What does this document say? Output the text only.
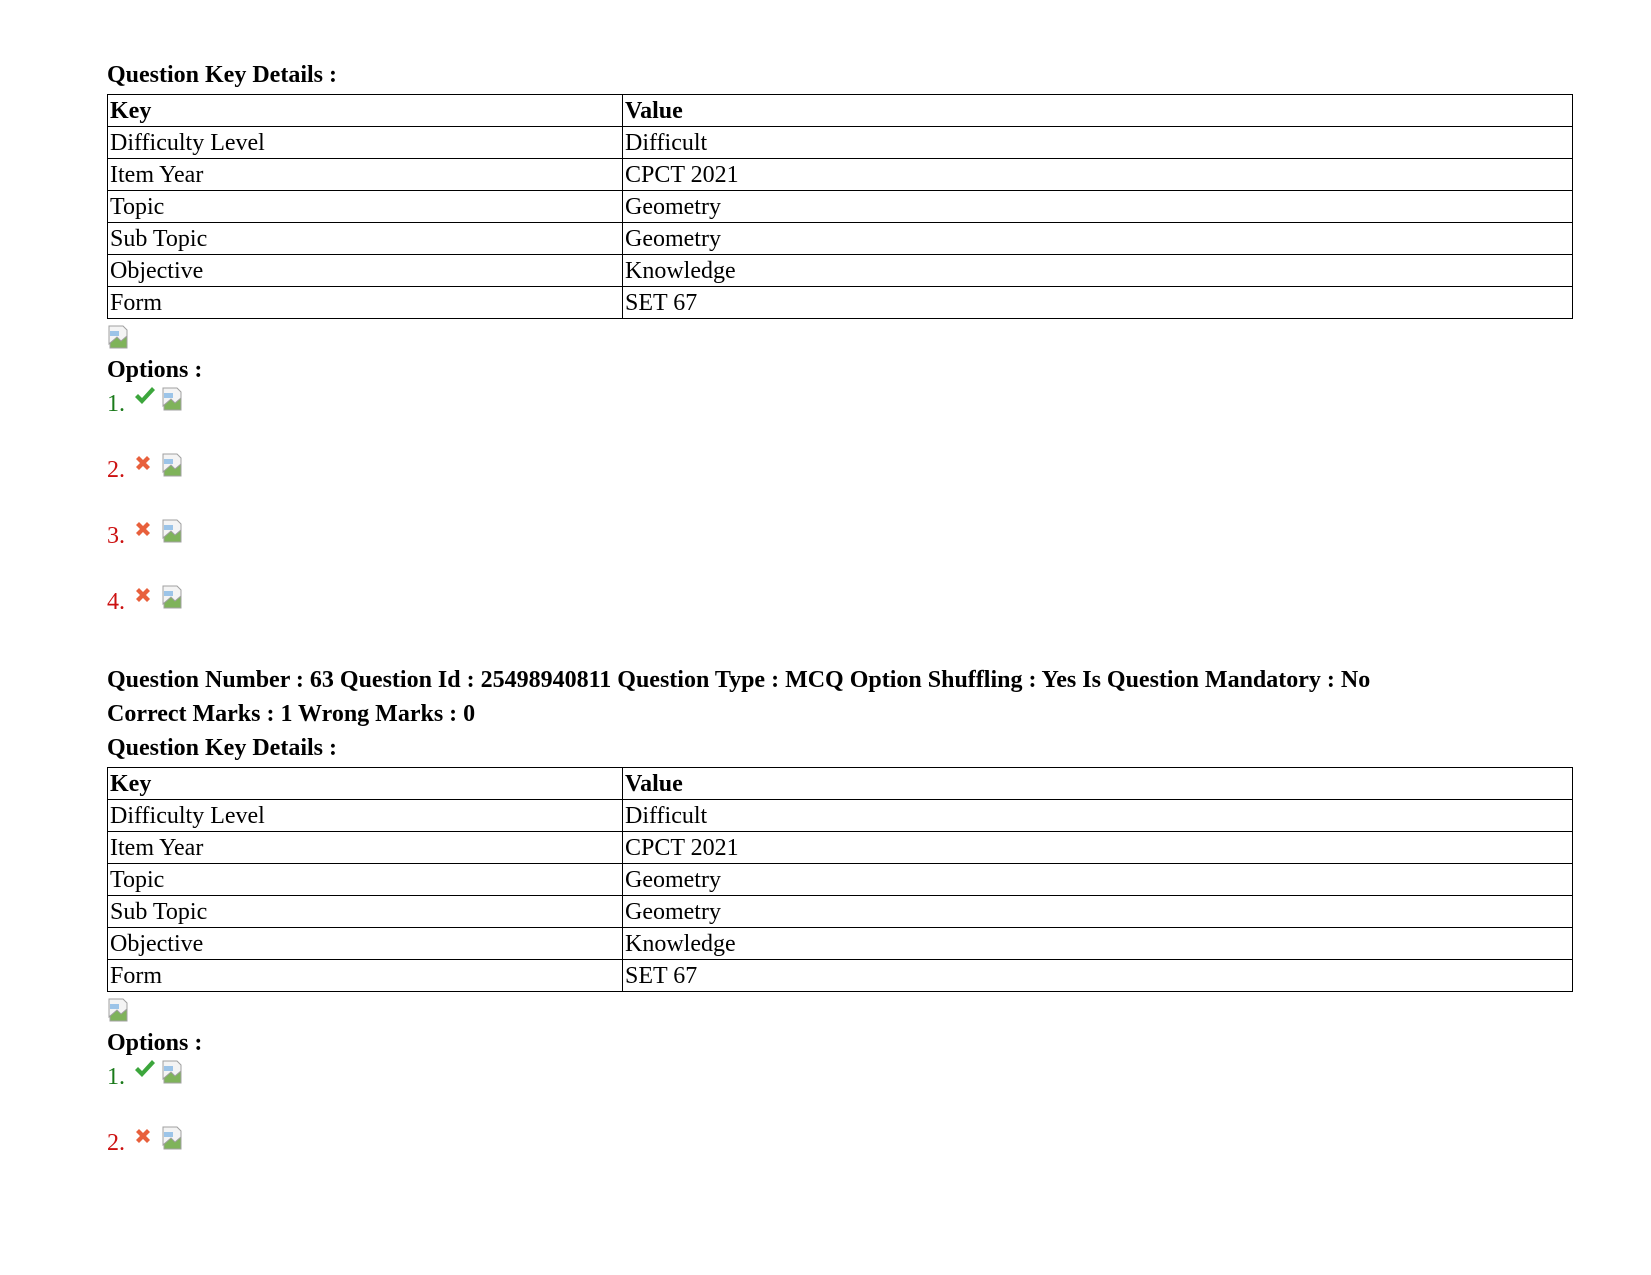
Question Key Details :
Key	Value
Difficulty Level	Difficult
Item Year	CPCT 2021
Topic	Geometry
Sub Topic	Geometry
Objective	Knowledge
Form	SET 67
Options :
1.
2.
3.
4.
Question Number : 63 Question Id : 25498940811 Question Type : MCQ Option Shuffling : Yes Is Question Mandatory : No
Correct Marks : 1 Wrong Marks : 0
Question Key Details :
Key	Value
Difficulty Level	Difficult
Item Year	CPCT 2021
Topic	Geometry
Sub Topic	Geometry
Objective	Knowledge
Form	SET 67
Options :
1.
2.
